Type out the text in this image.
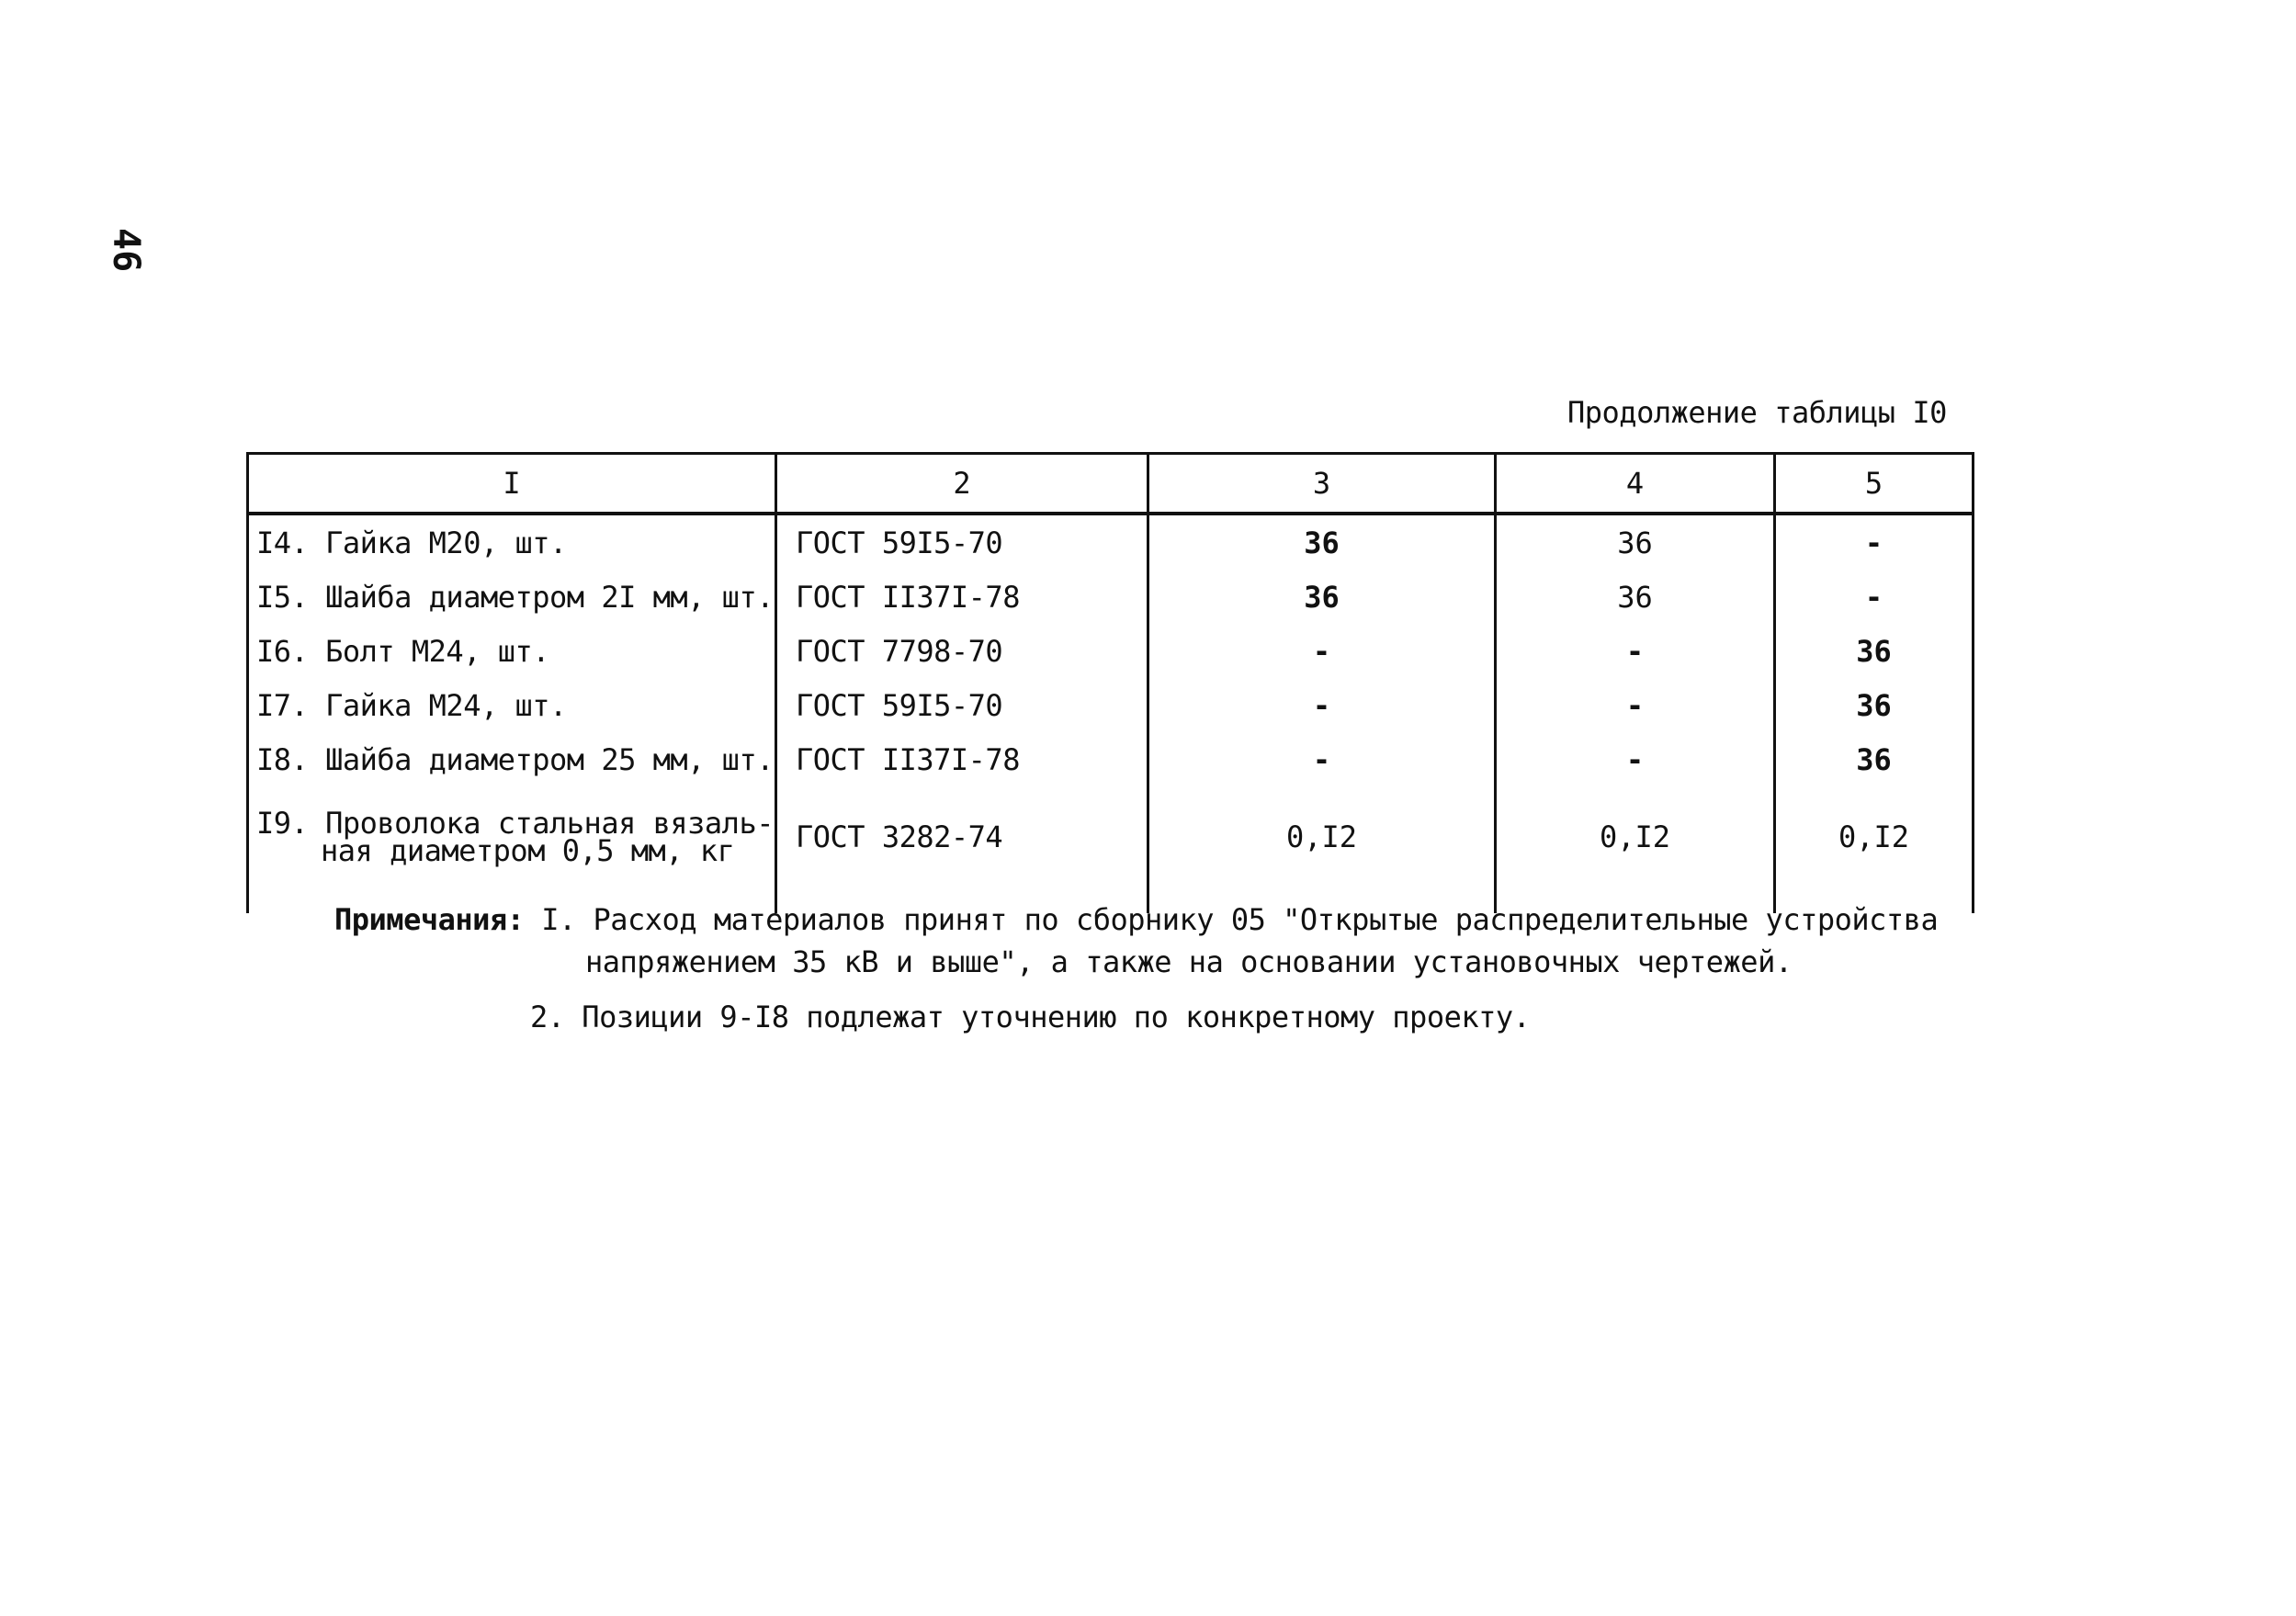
46
Продолжение таблицы I0
I	2	3	4	5
I4. Гайка М20, шт.	ГОСТ 59I5-70	36	36	-
I5. Шайба диаметром 2I мм, шт.	ГОСТ II37I-78	36	36	-
I6. Болт М24, шт.	ГОСТ 7798-70	-	-	36
I7. Гайка М24, шт.	ГОСТ 59I5-70	-	-	36
I8. Шайба диаметром 25 мм, шт.	ГОСТ II37I-78	-	-	36

I9. Проволока стальная вязаль-
ная диаметром 0,5 мм, кг	ГОСТ 3282-74	0,I2	0,I2	0,I2

Примечания: I. Расход материалов принят по сборнику 05 "Открытые распределительные устройства
напряжением 35 кВ и выше", а также на основании установочных чертежей.
2. Позиции 9-I8 подлежат уточнению по конкретному проекту.
